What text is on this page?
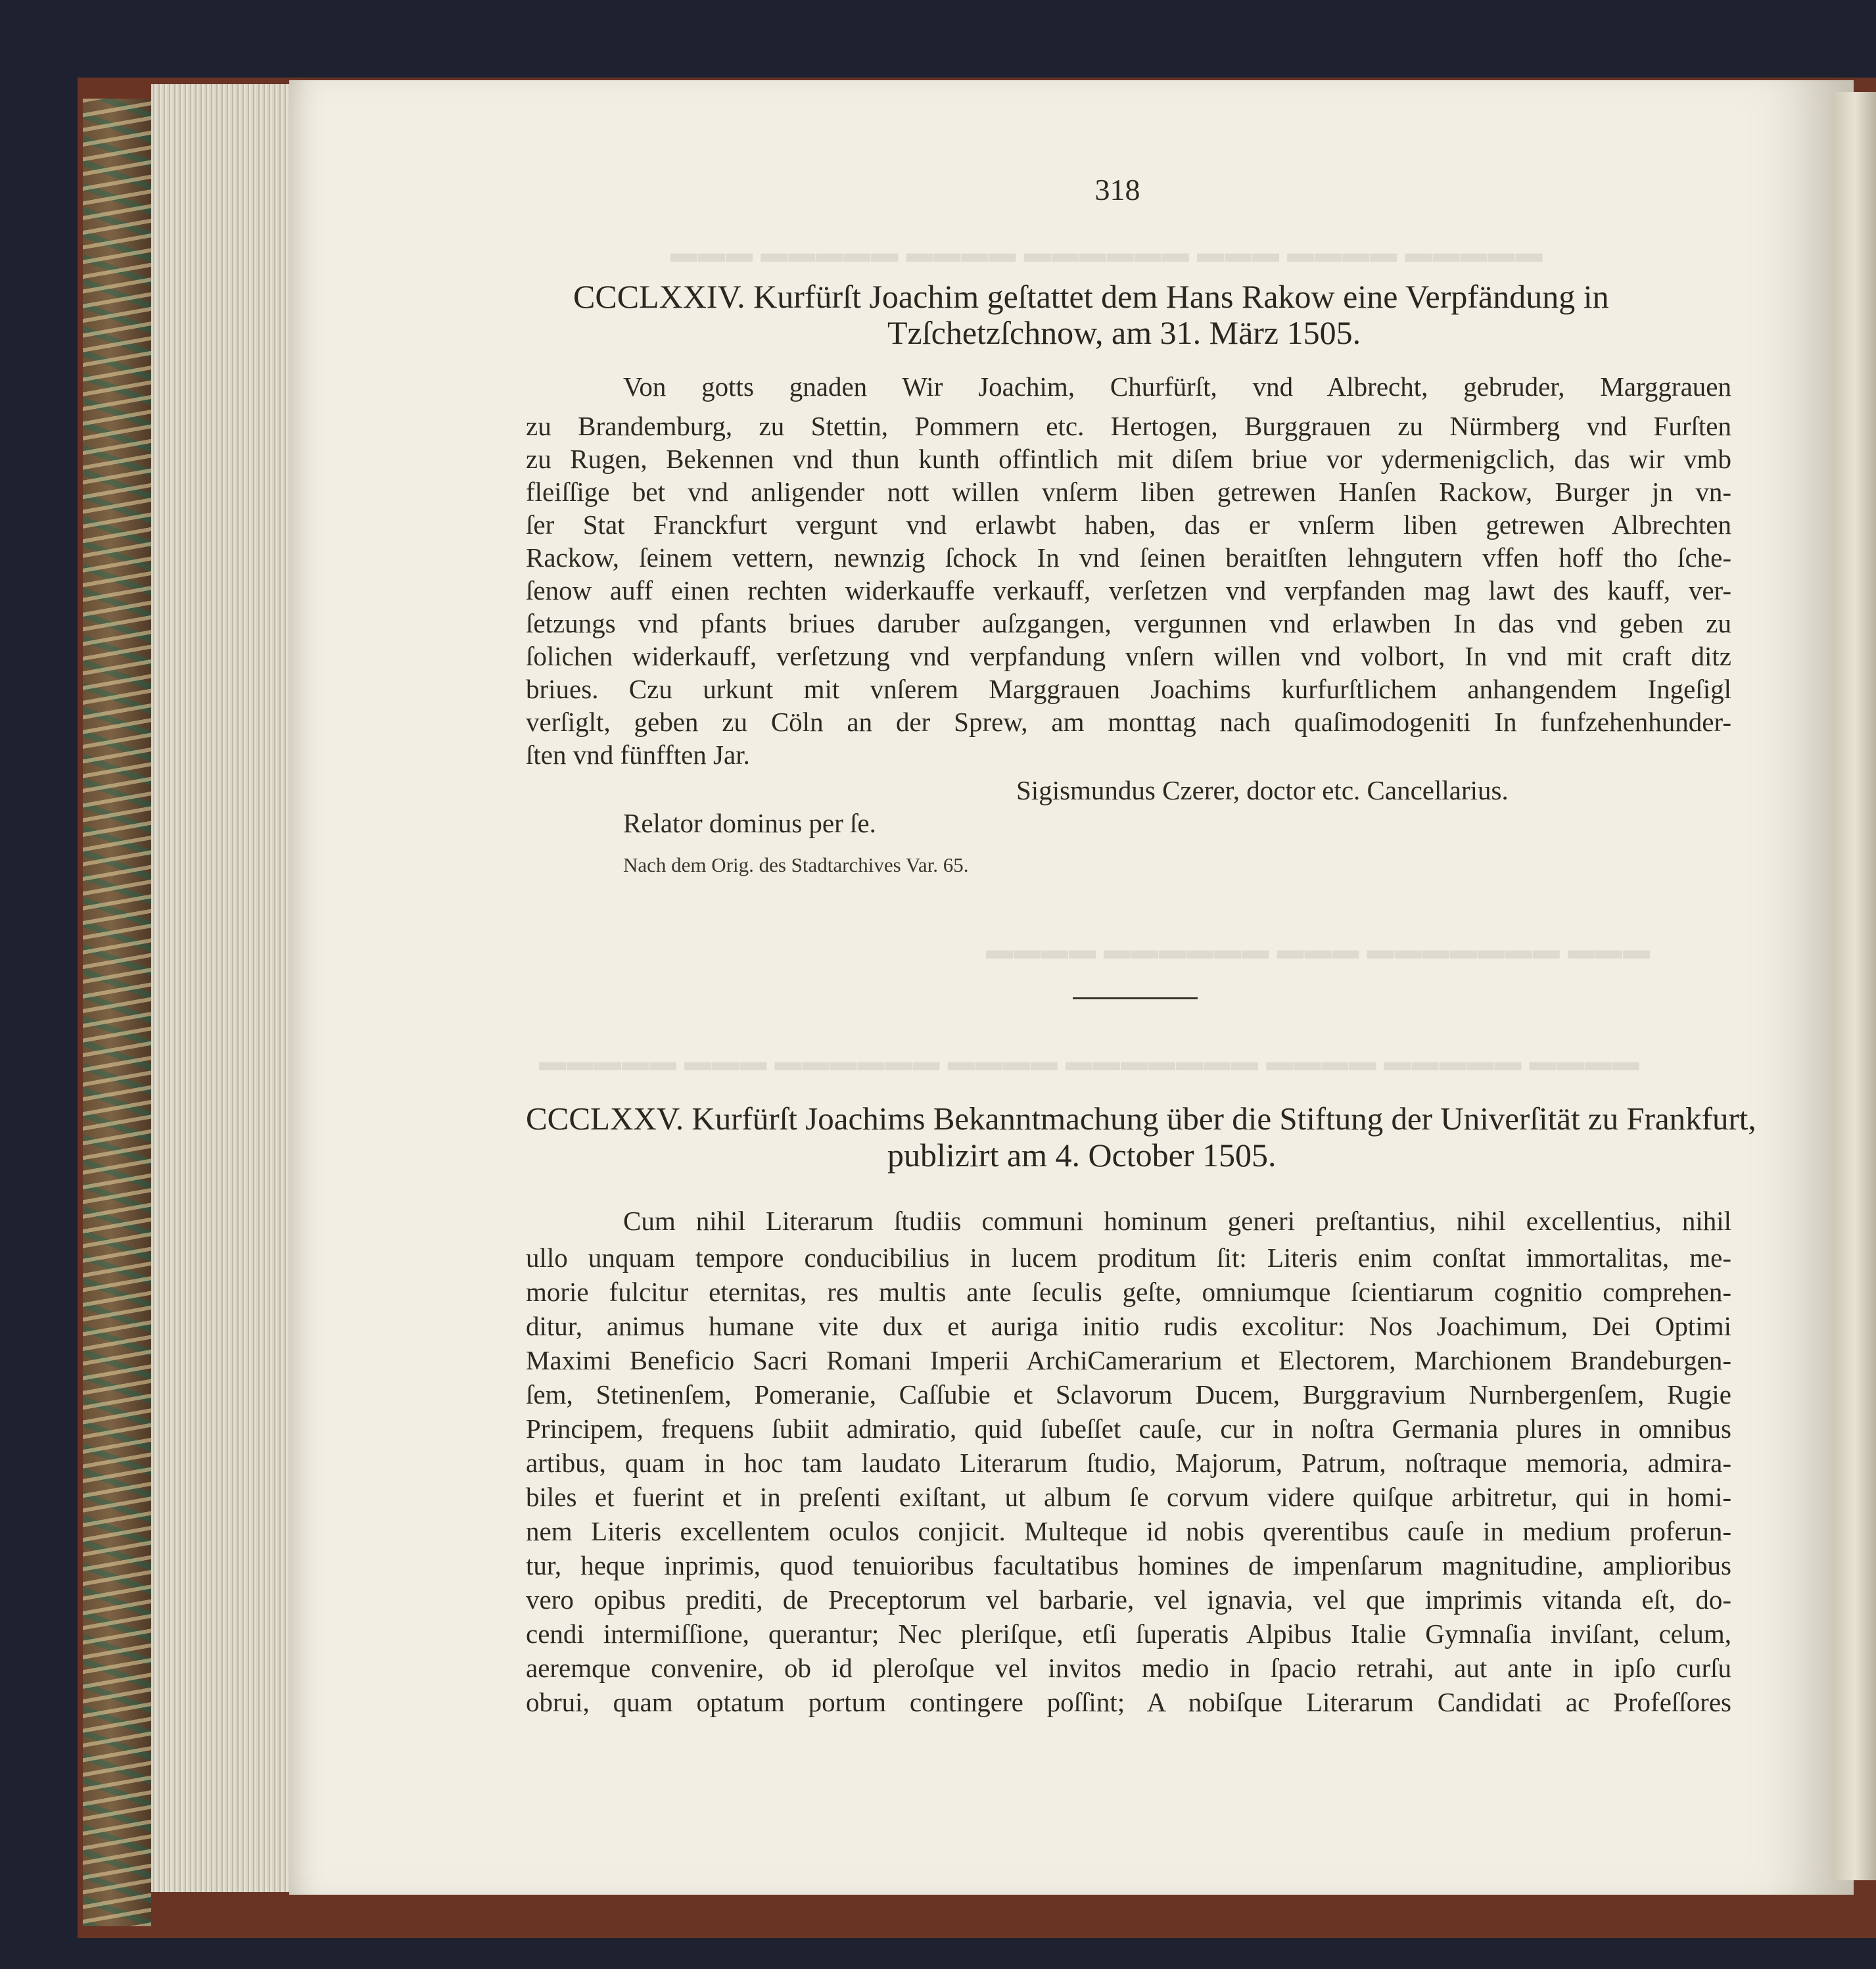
▬▬▬ ▬▬▬▬▬ ▬▬▬▬ ▬▬▬▬▬▬ ▬▬▬ ▬▬▬▬ ▬▬▬▬▬
▬▬▬▬ ▬▬▬▬▬▬ ▬▬▬ ▬▬▬▬▬▬▬ ▬▬▬
▬▬▬▬▬ ▬▬▬ ▬▬▬▬▬▬ ▬▬▬▬ ▬▬▬▬▬▬▬ ▬▬▬▬ ▬▬▬▬▬ ▬▬▬▬
318
CCCLXXIV. Kurfürſt Joachim geſtattet dem Hans Rakow eine Verpfändung in
Tzſchetzſchnow, am 31. März 1505.
Von gotts gnaden Wir Joachim, Churfürſt, vnd Albrecht, gebruder, Marggrauen
zu Brandemburg, zu Stettin, Pommern etc. Hertogen, Burggrauen zu Nürmberg vnd Furſten
zu Rugen, Bekennen vnd thun kunth offintlich mit diſem briue vor ydermenigclich, das wir vmb
fleiſſige bet vnd anligender nott willen vnſerm liben getrewen Hanſen Rackow, Burger jn vn-
ſer Stat Franckfurt vergunt vnd erlawbt haben, das er vnſerm liben getrewen Albrechten
Rackow, ſeinem vettern, newnzig ſchock In vnd ſeinen beraitſten lehngutern vffen hoff tho ſche-
ſenow auff einen rechten widerkauffe verkauff, verſetzen vnd verpfanden mag lawt des kauff, ver-
ſetzungs vnd pfants briues daruber auſzgangen, vergunnen vnd erlawben In das vnd geben zu
ſolichen widerkauff, verſetzung vnd verpfandung vnſern willen vnd volbort, In vnd mit craft ditz
briues. Czu urkunt mit vnſerem Marggrauen Joachims kurfurſtlichem anhangendem Ingeſigl
verſiglt, geben zu Cöln an der Sprew, am monttag nach quaſimodogeniti In funfzehenhunder-
ſten vnd fünfften Jar.
Sigismundus Czerer, doctor etc. Cancellarius.
Relator dominus per ſe.
Nach dem Orig. des Stadtarchives Var. 65.
CCCLXXV. Kurfürſt Joachims Bekanntmachung über die Stiftung der Univerſität zu Frankfurt,
publizirt am 4. October 1505.
Cum nihil Literarum ſtudiis communi hominum generi preſtantius, nihil excellentius, nihil
ullo unquam tempore conducibilius in lucem proditum ſit: Literis enim conſtat immortalitas, me-
morie fulcitur eternitas, res multis ante ſeculis geſte, omniumque ſcientiarum cognitio comprehen-
ditur, animus humane vite dux et auriga initio rudis excolitur: Nos Joachimum, Dei Optimi
Maximi Beneficio Sacri Romani Imperii ArchiCamerarium et Electorem, Marchionem Brandeburgen-
ſem, Stetinenſem, Pomeranie, Caſſubie et Sclavorum Ducem, Burggravium Nurnbergenſem, Rugie
Principem, frequens ſubiit admiratio, quid ſubeſſet cauſe, cur in noſtra Germania plures in omnibus
artibus, quam in hoc tam laudato Literarum ſtudio, Majorum, Patrum, noſtraque memoria, admira-
biles et fuerint et in preſenti exiſtant, ut album ſe corvum videre quiſque arbitretur, qui in homi-
nem Literis excellentem oculos conjicit. Multeque id nobis qverentibus cauſe in medium proferun-
tur, heque inprimis, quod tenuioribus facultatibus homines de impenſarum magnitudine, amplioribus
vero opibus prediti, de Preceptorum vel barbarie, vel ignavia, vel que imprimis vitanda eſt, do-
cendi intermiſſione, querantur; Nec pleriſque, etſi ſuperatis Alpibus Italie Gymnaſia inviſant, celum,
aeremque convenire, ob id pleroſque vel invitos medio in ſpacio retrahi, aut ante in ipſo curſu
obrui, quam optatum portum contingere poſſint; A nobiſque Literarum Candidati ac Profeſſores
